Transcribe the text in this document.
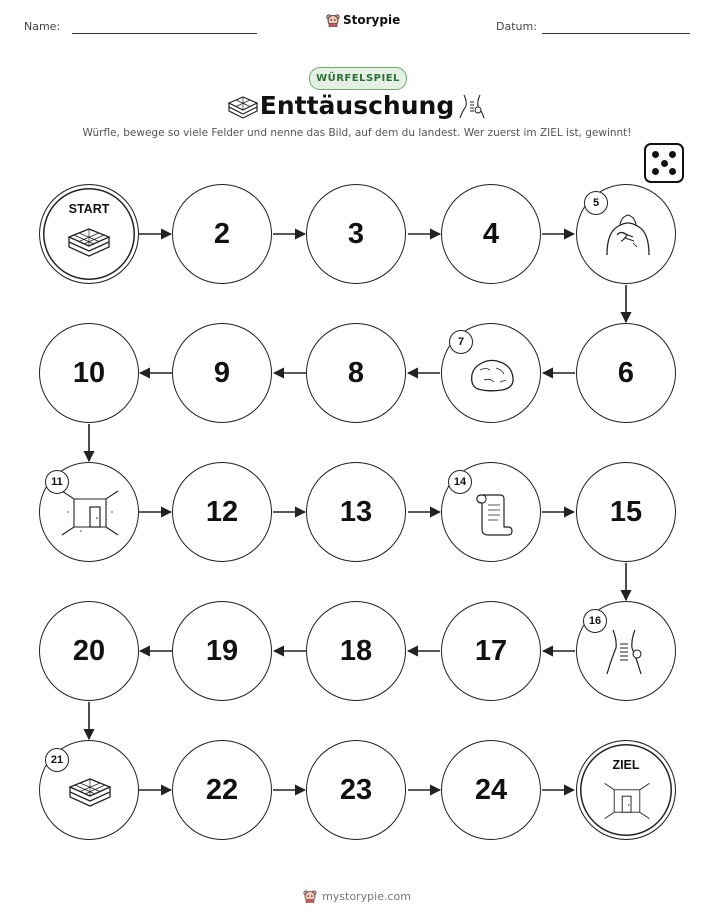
Name:	Storypie	Datum:
WÜRFELSPIEL
Enttäuschung
Würfle, bewege so viele Felder und nenne das Bild, auf dem du landest. Wer zuerst im ZIEL ist, gewinnt!
START
2	3	4
5
10	9	8
7
6
11
12	13
14
15
20	19	18	17
16
21
22	23	24
ZIEL
mystorypie.com
